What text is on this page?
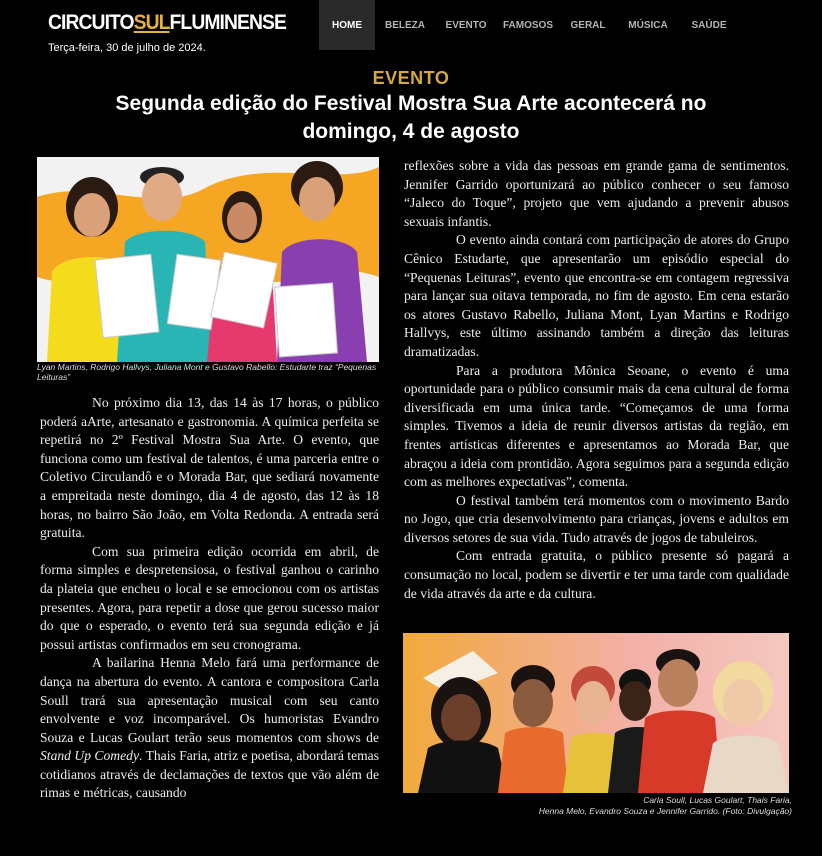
CIRCUITOSULFLUMINENSE
Terça-feira, 30 de julho de 2024.
HOME	BELEZA	EVENTO	FAMOSOS	GERAL	MÚSICA	SAÚDE
EVENTO
Segunda edição do Festival Mostra Sua Arte acontecerá no domingo, 4 de agosto
Lyan Martins, Rodrigo Hallvys, Juliana Mont e Gustavo Rabello: Estudarte traz “Pequenas Leituras”

No próximo dia 13, das 14 às 17 horas, o público poderá aArte, artesanato e gastronomia. A química perfeita se repetirá no 2º Festival Mostra Sua Arte. O evento, que funciona como um festival de talentos, é uma parceria entre o Coletivo Circulandô e o Morada Bar, que sediará novamente a empreitada neste domingo, dia 4 de agosto, das 12 às 18 horas, no bairro São João, em Volta Redonda. A entrada será gratuita.

Com sua primeira edição ocorrida em abril, de forma simples e despretensiosa, o festival ganhou o carinho da plateia que encheu o local e se emocionou com os artistas presentes. Agora, para repetir a dose que gerou sucesso maior do que o esperado, o evento terá sua segunda edição e já possui artistas confirmados em seu cronograma.

A bailarina Henna Melo fará uma performance de dança na abertura do evento. A cantora e compositora Carla Soull trará sua apresentação musical com seu canto envolvente e voz incomparável. Os humoristas Evandro Souza e Lucas Goulart terão seus momentos com shows de Stand Up Comedy. Thais Faria, atriz e poetisa, abordará temas cotidianos através de declamações de textos que vão além de rimas e métricas, causando

reflexões sobre a vida das pessoas em grande gama de sentimentos. Jennifer Garrido oportunizará ao público conhecer o seu famoso “Jaleco do Toque”, projeto que vem ajudando a prevenir abusos sexuais infantis.

O evento ainda contará com participação de atores do Grupo Cênico Estudarte, que apresentarão um episódio especial do “Pequenas Leituras”, evento que encontra-se em contagem regressiva para lançar sua oitava temporada, no fim de agosto. Em cena estarão os atores Gustavo Rabello, Juliana Mont, Lyan Martins e Rodrigo Hallvys, este último assinando também a direção das leituras dramatizadas.

Para a produtora Mônica Seoane, o evento é uma oportunidade para o público consumir mais da cena cultural de forma diversificada em uma única tarde. “Começamos de uma forma simples. Tivemos a ideia de reunir diversos artistas da região, em frentes artísticas diferentes e apresentamos ao Morada Bar, que abraçou a ideia com prontidão. Agora seguimos para a segunda edição com as melhores expectativas”, comenta.

O festival também terá momentos com o movimento Bardo no Jogo, que cria desenvolvimento para crianças, jovens e adultos em diversos setores de sua vida. Tudo através de jogos de tabuleiros.

Com entrada gratuita, o público presente só pagará a consumação no local, podem se divertir e ter uma tarde com qualidade de vida através da arte e da cultura.

Carla Soull, Lucas Goulart, Thais Faria,
Henna Melo, Evandro Souza e Jennifer Garrido. (Foto: Divulgação)
